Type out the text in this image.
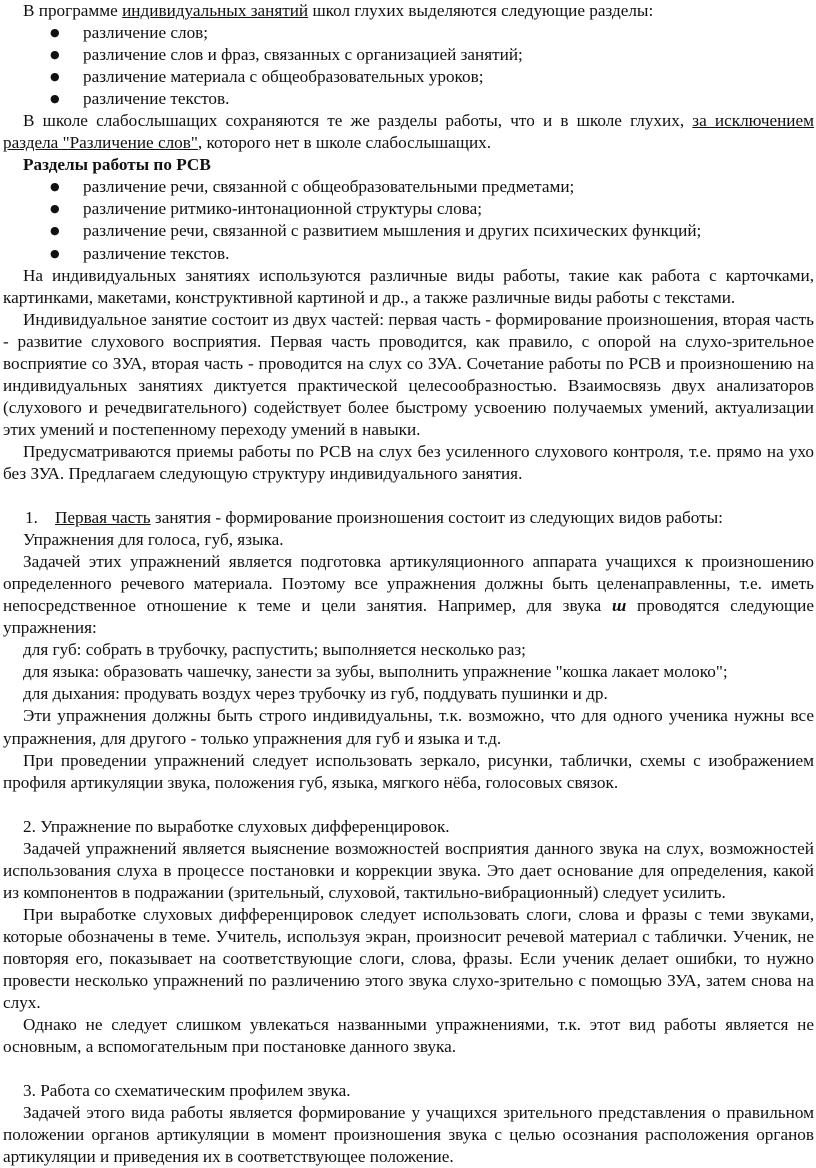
В программе индивидуальных занятий школ глухих выделяются следующие разделы:

● различение слов;
● различение слов и фраз, связанных с организацией занятий;
● различение материала с общеобразовательных уроков;
● различение текстов.

В школе слабослышащих сохраняются те же разделы работы, что и в школе глухих, за исключением раздела "Различение слов", которого нет в школе слабослышащих.

Разделы работы по РСВ

● различение речи, связанной с общеобразовательными предметами;
● различение ритмико-интонационной структуры слова;
● различение речи, связанной с развитием мышления и других психических функций;
● различение текстов.

На индивидуальных занятиях используются различные виды работы, такие как работа с карточками, картинками, макетами, конструктивной картиной и др., а также различные виды работы с текстами.

Индивидуальное занятие состоит из двух частей: первая часть - формирование произношения, вторая часть - развитие слухового восприятия. Первая часть проводится, как правило, с опорой на слухо-зрительное восприятие со ЗУА, вторая часть - проводится на слух со ЗУА. Сочетание работы по РСВ и произношению на индивидуальных занятиях диктуется практической целесообразностью. Взаимосвязь двух анализаторов (слухового и речедвигательного) содействует более быстрому усвоению получаемых умений, актуализации этих умений и постепенному переходу умений в навыки.

Предусматриваются приемы работы по РСВ на слух без усиленного слухового контроля, т.е. прямо на ухо без ЗУА. Предлагаем следующую структуру индивидуального занятия.

1. Первая часть занятия - формирование произношения состоит из следующих видов работы:

Упражнения для голоса, губ, языка.

Задачей этих упражнений является подготовка артикуляционного аппарата учащихся к произношению определенного речевого материала. Поэтому все упражнения должны быть целенаправленны, т.е. иметь непосредственное отношение к теме и цели занятия. Например, для звука ш проводятся следующие упражнения:

для губ: собрать в трубочку, распустить; выполняется несколько раз;

для языка: образовать чашечку, занести за зубы, выполнить упражнение "кошка лакает молоко";

для дыхания: продувать воздух через трубочку из губ, поддувать пушинки и др.

Эти упражнения должны быть строго индивидуальны, т.к. возможно, что для одного ученика нужны все упражнения, для другого - только упражнения для губ и языка и т.д.

При проведении упражнений следует использовать зеркало, рисунки, таблички, схемы с изображением профиля артикуляции звука, положения губ, языка, мягкого нёба, голосовых связок.

2. Упражнение по выработке слуховых дифференцировок.

Задачей упражнений является выяснение возможностей восприятия данного звука на слух, возможностей использования слуха в процессе постановки и коррекции звука. Это дает основание для определения, какой из компонентов в подражании (зрительный, слуховой, тактильно-вибрационный) следует усилить.

При выработке слуховых дифференцировок следует использовать слоги, слова и фразы с теми звуками, которые обозначены в теме. Учитель, используя экран, произносит речевой материал с таблички. Ученик, не повторяя его, показывает на соответствующие слоги, слова, фразы. Если ученик делает ошибки, то нужно провести несколько упражнений по различению этого звука слухо-зрительно с помощью ЗУА, затем снова на слух.

Однако не следует слишком увлекаться названными упражнениями, т.к. этот вид работы является не основным, а вспомогательным при постановке данного звука.

3. Работа со схематическим профилем звука.

Задачей этого вида работы является формирование у учащихся зрительного представления о правильном положении органов артикуляции в момент произношения звука с целью осознания расположения органов артикуляции и приведения их в соответствующее положение.
